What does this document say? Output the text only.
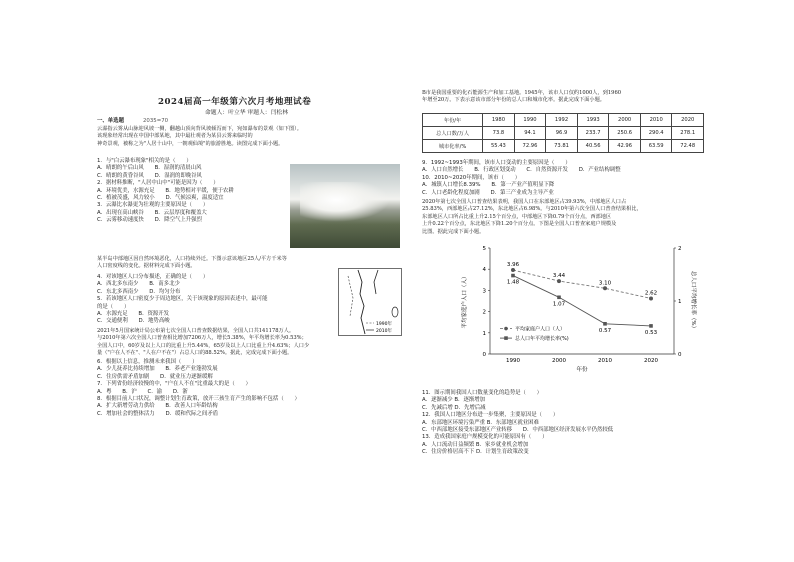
2024届高一年级第六次月考地理试卷
命题人：叶立华 审题人：闫松林
一、单选题	2035=70
云瀑指云雾从山脉迎风坡一侧，翻越山顶向背风坡倾泻而下，宛如瀑布的景观（如下图）。
该现象经常出现在中国中部某地，其中最壮观者为某县云雾来临时的
神奇景观，被称之为"人居十山中，一朝观仙境"的旅游胜地。读图完成下面小题。
1．与"白云瀑布现象"相关的是（　　）
A．晴朗的午后山风　　B．湿润的清晨山风
C．晴朗的黄昏谷风　　D．湿润的即晚谷风
2．据材料推断，"人居中山中"可能是因为（　　）
A．环境优美，水源充足　　B．地势相对平缓，便于农耕
C．植被茂盛，风力较小　　D．气候凉爽，温度适宜
3．云瀑比水瀑更为壮观的主要原因是（　　）
A．出现在高山峡谷　　B．云层厚度和覆盖大
C．云雾移动速度快　　D．降空气上升强烈
某半岛中部地区因自然环境恶化，人口持续外迁。下图示意该地区25人/平方千米等
人口密度线的变化。据材料完成下面小题。
4．对该地区人口分布描述，正确的是（　　）
A．西北多东南少　　B．南多北少
C．东北多西南少　　D．均匀分布
5．若该地区人口密度少于周边地区，关于该现象的原因表述中，最可能
的是（　　）
A．水源充足　　B．资源开发
C．交通便利　　D．地势高峻
1990年
2010年
2021年5月国家统计局公布第七次全国人口普查数据结果，全国人口共141178万人。
与2010年第六次全国人口普查相比增加7206万人，增长5.38%，年平均增长率为0.53%；
全国人口中，60岁及以上人口的比重上升5.44%，65岁及以上人口比重上升4.63%；人口少
量（"户在人不在"、"人在户不在"）占总人口的88.52%。据此，完成完成下面小题。
6．根据以上信息，推测未来我国（　　）
A．少儿抚养比持续增加　　B．养老产业蓬勃发展
C．住房供需矛盾加剧　　D．就业压力逐渐缓解
7．下列省份经济较慢的中，"户在人不在"比重最大的是（　　）
A．粤　　B．沪　　C．渝　　D．浙
8．根据目前人口状况，调整计划生育政策，放开三孩生育产生的影响不包括（　　）
A．扩大新增劳动力供给　　B．改善人口年龄结构
C．增加社会的整体活力　　D．缓和代际之间矛盾
B市是我国重要的化石能源生产和加工基地。1945年，该市人口仅约1000人，到1960
年增至20万。下表示意该市部分年份的总人口和城市化率。据此完成下面小题。
年份/年	1980	1990	1992	1993	2000	2010	2020
总人口数/万人	73.8	94.1	96.9	233.7	250.6	290.4	278.1
城市化率/%	55.43	72.96	73.81	40.56	42.96	63.59	72.48
9．1992~1993年期间，该市人口变动的主要原因是（　　）
A．人口自然增长　　B．行政区划变动　　C．自然资源开发　　D．产业结构调整
10．2010~2020年期间，该市（　　）
A．城镇人口增长8.39%　　B．第一产业产值明显下降
C．人口老龄化程度加剧　　D．第三产业成为主导产业
2020年第七次全国人口普查结果表明，我国人口在东部地区占39.93%，中部地区人口占
25.83%，西部地区占27.12%，东北地区占6.98%。与2010年第六次全国人口普查结果相比，
东部地区人口所占比重上升2.15个百分点，中部地区下降0.79个百分点，西部地区
上升0.22个百分点，东北地区下降1.20个百分点。下图是全国人口普查家庭户规模及
比图。据此完成下面小题。
0
1
2
3
4
5
0
1
2
1990	2000	2010	2020
年份
平均家庭户人口（人）	总人口平均增长率（%）
3.96
3.44
3.10
2.62
1.48
1.07
0.57	0.53
平均家庭户人口（人）
总人口年平均增长率(%)
11．图示期间我国人口数量变化的趋势是（　　）
A．逐渐减少 B．逐渐增加
C．先减后增 D．先增后减
12．我国人口地区分布进一步集聚，主要原因是（　　）
A．东部地区环境污染严重 B．东部地区就业困难
C．中西部地区接受东部地区产业转移　　D．中西部地区经济发展水平仍然较低
13．造成我国家庭户规模变化的可能原因有（　　）
A．人口流动日益频繁 B．家乡就业机会增加
C．住房价格居高不下 D．计划生育政策改变
